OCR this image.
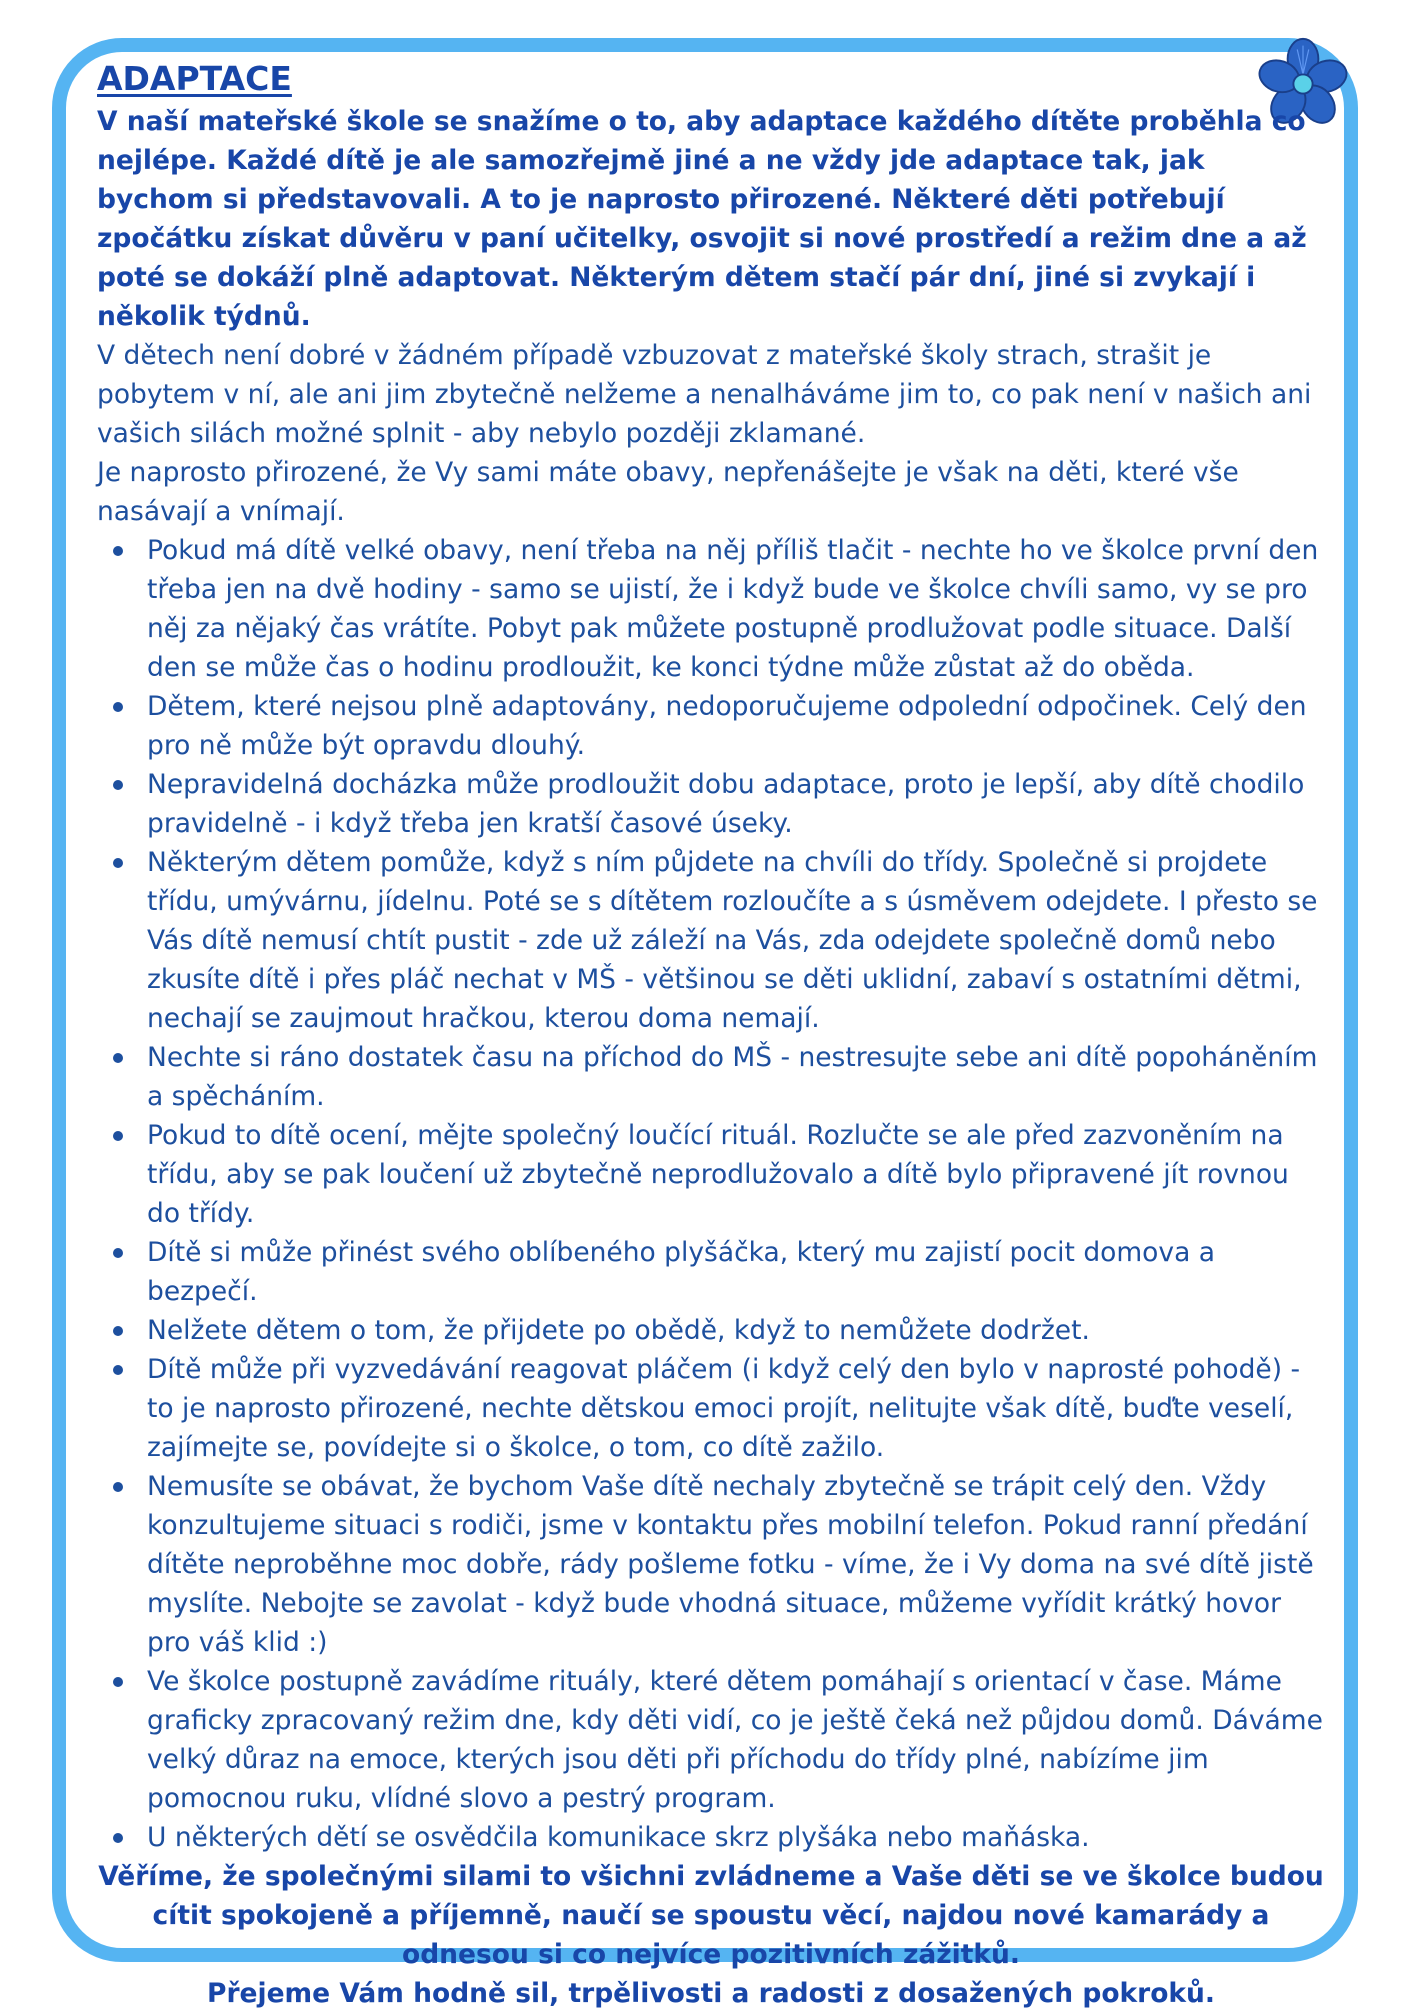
ADAPTACE

V naší mateřské škole se snažíme o to, aby adaptace každého dítěte proběhla co nejlépe. Každé dítě je ale samozřejmě jiné a ne vždy jde adaptace tak, jak bychom si představovali. A to je naprosto přirozené. Některé děti potřebují zpočátku získat důvěru v paní učitelky, osvojit si nové prostředí a režim dne a až poté se dokáží plně adaptovat. Některým dětem stačí pár dní, jiné si zvykají i několik týdnů.

V dětech není dobré v žádném případě vzbuzovat z mateřské školy strach, strašit je pobytem v ní, ale ani jim zbytečně nelžeme a nenalháváme jim to, co pak není v našich ani vašich silách možné splnit - aby nebylo později zklamané.

Je naprosto přirozené, že Vy sami máte obavy, nepřenášejte je však na děti, které vše nasávají a vnímají.

Pokud má dítě velké obavy, není třeba na něj příliš tlačit - nechte ho ve školce první den třeba jen na dvě hodiny - samo se ujistí, že i když bude ve školce chvíli samo, vy se pro něj za nějaký čas vrátíte. Pobyt pak můžete postupně prodlužovat podle situace. Další den se může čas o hodinu prodloužit, ke konci týdne může zůstat až do oběda.
Dětem, které nejsou plně adaptovány, nedoporučujeme odpolední odpočinek. Celý den pro ně může být opravdu dlouhý.
Nepravidelná docházka může prodloužit dobu adaptace, proto je lepší, aby dítě chodilo pravidelně - i když třeba jen kratší časové úseky.
Některým dětem pomůže, když s ním půjdete na chvíli do třídy. Společně si projdete třídu, umývárnu, jídelnu. Poté se s dítětem rozloučíte a s úsměvem odejdete. I přesto se Vás dítě nemusí chtít pustit - zde už záleží na Vás, zda odejdete společně domů nebo zkusíte dítě i přes pláč nechat v MŠ - většinou se děti uklidní, zabaví s ostatními dětmi, nechají se zaujmout hračkou, kterou doma nemají.
Nechte si ráno dostatek času na příchod do MŠ - nestresujte sebe ani dítě popoháněním a spěcháním.
Pokud to dítě ocení, mějte společný loučící rituál. Rozlučte se ale před zazvoněním na třídu, aby se pak loučení už zbytečně neprodlužovalo a dítě bylo připravené jít rovnou do třídy.
Dítě si může přinést svého oblíbeného plyšáčka, který mu zajistí pocit domova a bezpečí.
Nelžete dětem o tom, že přijdete po obědě, když to nemůžete dodržet.
Dítě může při vyzvedávání reagovat pláčem (i když celý den bylo v naprosté pohodě) - to je naprosto přirozené, nechte dětskou emoci projít, nelitujte však dítě, buďte veselí, zajímejte se, povídejte si o školce, o tom, co dítě zažilo.
Nemusíte se obávat, že bychom Vaše dítě nechaly zbytečně se trápit celý den. Vždy konzultujeme situaci s rodiči, jsme v kontaktu přes mobilní telefon. Pokud ranní předání dítěte neproběhne moc dobře, rády pošleme fotku - víme, že i Vy doma na své dítě jistě myslíte. Nebojte se zavolat - když bude vhodná situace, můžeme vyřídit krátký hovor pro váš klid :)
Ve školce postupně zavádíme rituály, které dětem pomáhají s orientací v čase. Máme graficky zpracovaný režim dne, kdy děti vidí, co je ještě čeká než půjdou domů. Dáváme velký důraz na emoce, kterých jsou děti při příchodu do třídy plné, nabízíme jim pomocnou ruku, vlídné slovo a pestrý program.
U některých dětí se osvědčila komunikace skrz plyšáka nebo maňáska.

Věříme, že společnými silami to všichni zvládneme a Vaše děti se ve školce budou cítit spokojeně a příjemně, naučí se spoustu věcí, najdou nové kamarády a odnesou si co nejvíce pozitivních zážitků.

Přejeme Vám hodně sil, trpělivosti a radosti z dosažených pokroků.
